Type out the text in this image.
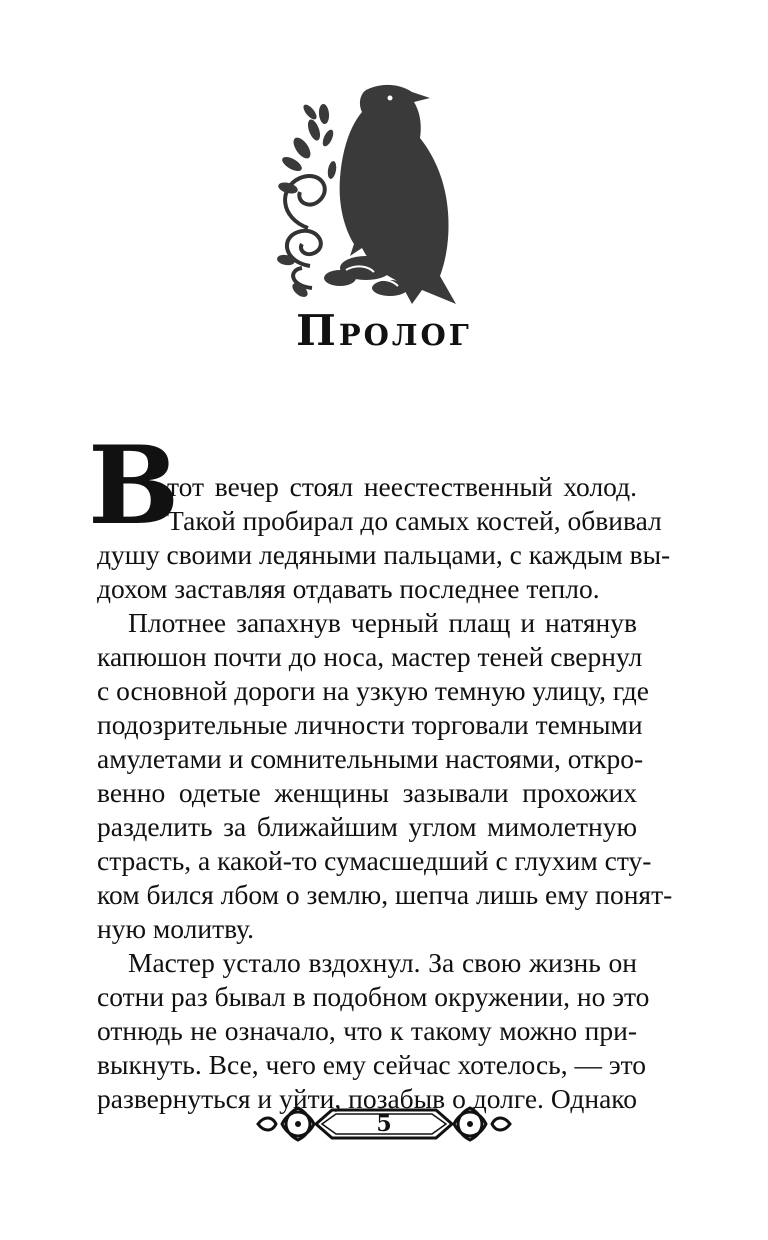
Пролог
В
тот вечер стоял неестественный холод.
Такой пробирал до самых костей, обвивал
душу своими ледяными пальцами, с каждым вы-
дохом заставляя отдавать последнее тепло.
Плотнее запахнув черный плащ и натянув
капюшон почти до носа, мастер теней свернул
с основной дороги на узкую темную улицу, где
подозрительные личности торговали темными
амулетами и сомнительными настоями, откро-
венно одетые женщины зазывали прохожих
разделить за ближайшим углом мимолетную
страсть, а какой-то сумасшедший с глухим сту-
ком бился лбом о землю, шепча лишь ему понят-
ную молитву.
Мастер устало вздохнул. За свою жизнь он
сотни раз бывал в подобном окружении, но это
отнюдь не означало, что к такому можно при-
выкнуть. Все, чего ему сейчас хотелось, — это
развернуться и уйти, позабыв о долге. Однако
5
